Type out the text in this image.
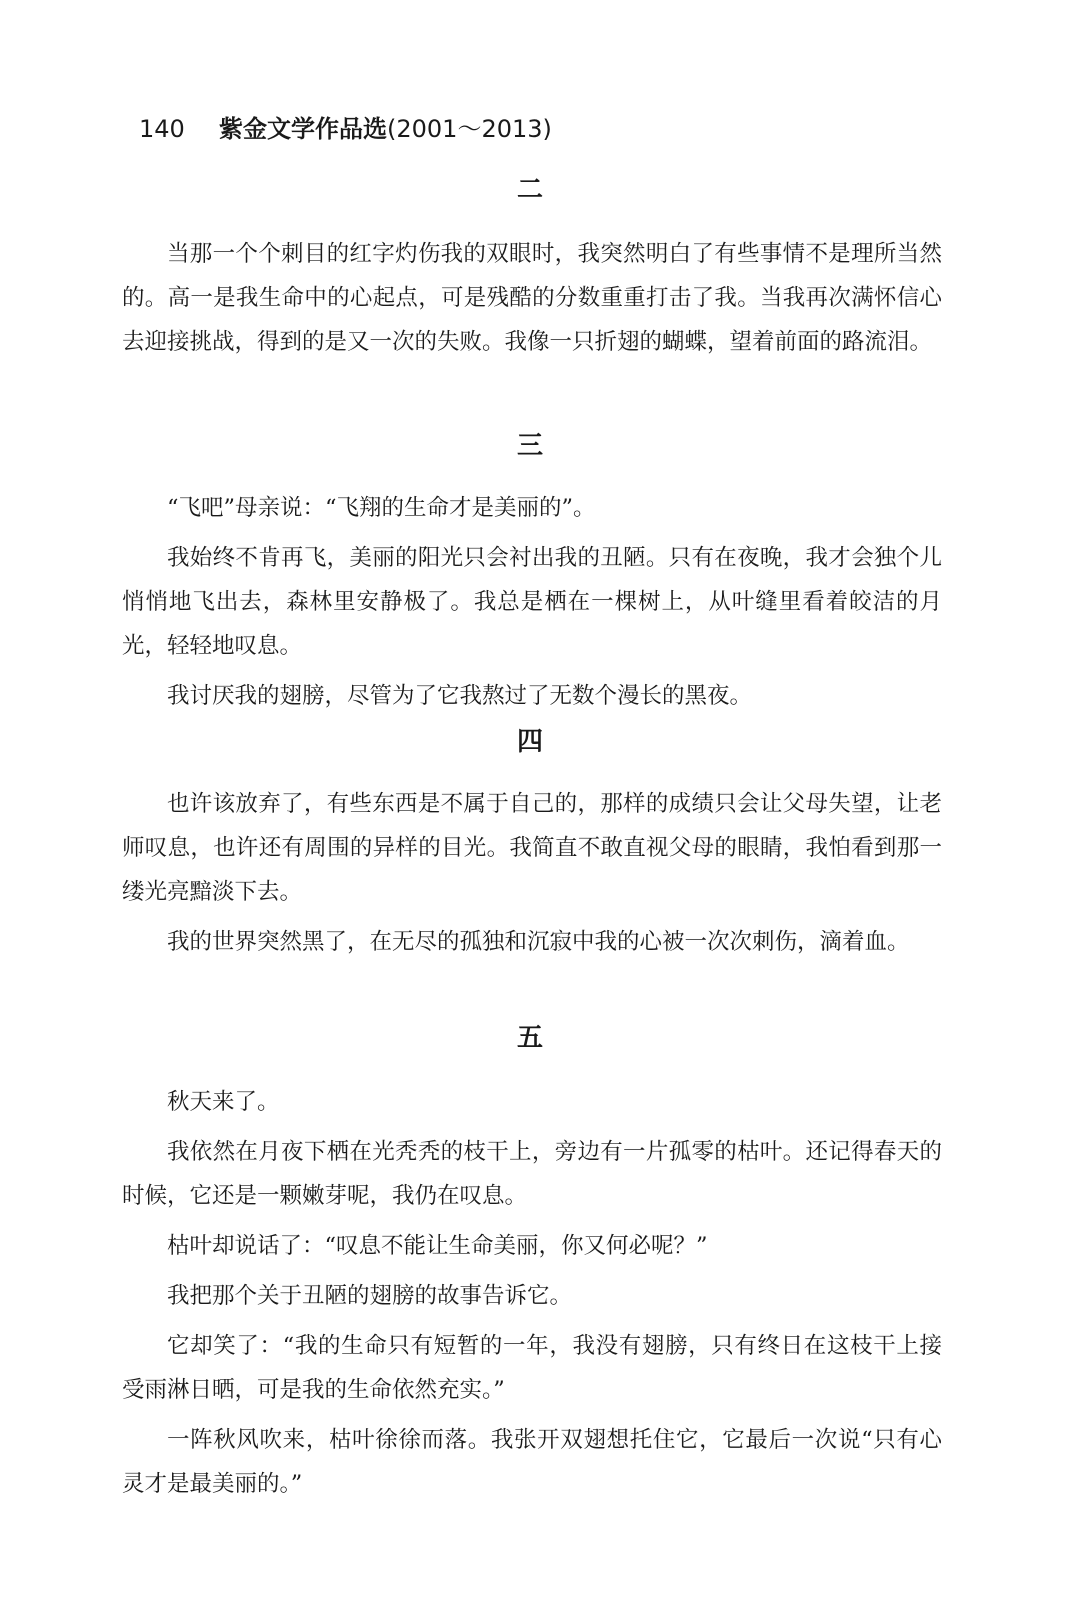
140 紫金文学作品选(2001～2013)
二

当那一个个刺目的红字灼伤我的双眼时，我突然明白了有些事情不是理所当然的。高一是我生命中的心起点，可是残酷的分数重重打击了我。当我再次满怀信心去迎接挑战，得到的是又一次的失败。我像一只折翅的蝴蝶，望着前面的路流泪。

三

“飞吧”母亲说：“飞翔的生命才是美丽的”。

我始终不肯再飞，美丽的阳光只会衬出我的丑陋。只有在夜晚，我才会独个儿悄悄地飞出去，森林里安静极了。我总是栖在一棵树上，从叶缝里看着皎洁的月光，轻轻地叹息。

我讨厌我的翅膀，尽管为了它我熬过了无数个漫长的黑夜。

四

也许该放弃了，有些东西是不属于自己的，那样的成绩只会让父母失望，让老师叹息，也许还有周围的异样的目光。我简直不敢直视父母的眼睛，我怕看到那一缕光亮黯淡下去。

我的世界突然黑了，在无尽的孤独和沉寂中我的心被一次次刺伤，滴着血。

五

秋天来了。

我依然在月夜下栖在光秃秃的枝干上，旁边有一片孤零的枯叶。还记得春天的时候，它还是一颗嫩芽呢，我仍在叹息。

枯叶却说话了：“叹息不能让生命美丽，你又何必呢？”

我把那个关于丑陋的翅膀的故事告诉它。

它却笑了：“我的生命只有短暂的一年，我没有翅膀，只有终日在这枝干上接受雨淋日晒，可是我的生命依然充实。”

一阵秋风吹来，枯叶徐徐而落。我张开双翅想托住它，它最后一次说“只有心灵才是最美丽的。”
